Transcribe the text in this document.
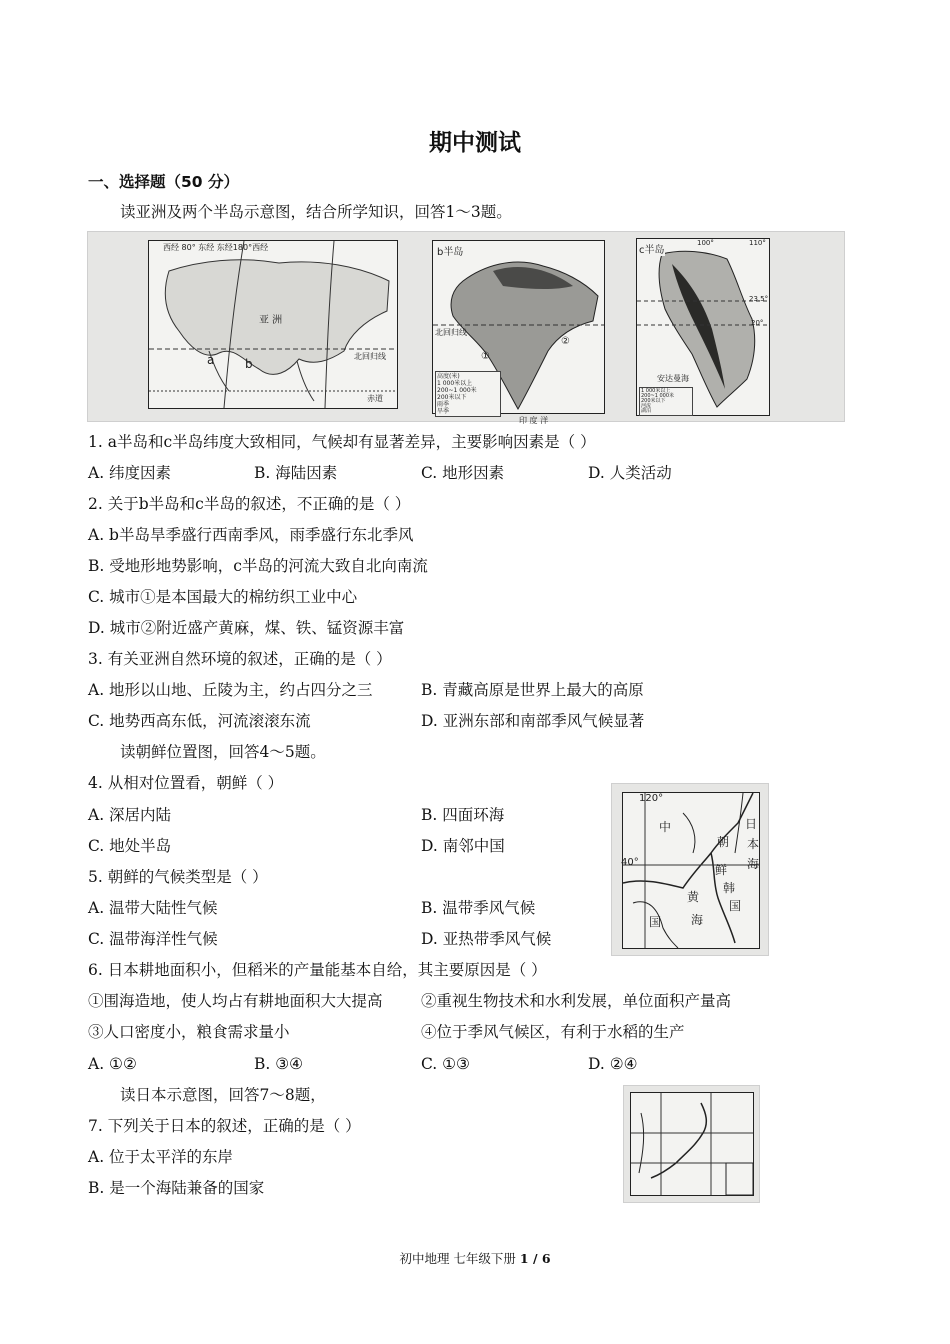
期中测试
一、选择题（50 分）
读亚洲及两个半岛示意图，结合所学知识，回答1～3题。
西经 80° 东经 东经180°西经
亚 洲
a	b
北回归线
赤道
b半岛
北回归线
①
②
高度(米)
1 000米以上
200~1 000米
200米以下
雨季
旱季
印 度 洋
c半岛
100°	110°
23.5°
20°
安达曼海
1 000米以上
200~1 000米
200米以下
河流
湖泊
1. a半岛和c半岛纬度大致相同，气候却有显著差异，主要影响因素是（ ）
A. 纬度因素	B. 海陆因素	C. 地形因素	D. 人类活动
2. 关于b半岛和c半岛的叙述，不正确的是（ ）
A. b半岛旱季盛行西南季风，雨季盛行东北季风
B. 受地形地势影响，c半岛的河流大致自北向南流
C. 城市①是本国最大的棉纺织工业中心
D. 城市②附近盛产黄麻，煤、铁、锰资源丰富
3. 有关亚洲自然环境的叙述，正确的是（ ）
A. 地形以山地、丘陵为主，约占四分之三	B. 青藏高原是世界上最大的高原
C. 地势西高东低，河流滚滚东流	D. 亚洲东部和南部季风气候显著
读朝鲜位置图，回答4～5题。
120°
40°
中
国
朝
鲜
韩
国
黄
海
日
本
海
4. 从相对位置看，朝鲜（ ）
A. 深居内陆	B. 四面环海
C. 地处半岛	D. 南邻中国
5. 朝鲜的气候类型是（ ）
A. 温带大陆性气候	B. 温带季风气候
C. 温带海洋性气候	D. 亚热带季风气候
6. 日本耕地面积小，但稻米的产量能基本自给，其主要原因是（ ）
①围海造地，使人均占有耕地面积大大提高 ②重视生物技术和水利发展，单位面积产量高
③人口密度小，粮食需求量小	④位于季风气候区，有利于水稻的生产
A. ①②	B. ③④	C. ①③	D. ②④
读日本示意图，回答7～8题，
7. 下列关于日本的叙述，正确的是（ ）
A. 位于太平洋的东岸
B. 是一个海陆兼备的国家
初中地理 七年级下册 1 / 6
